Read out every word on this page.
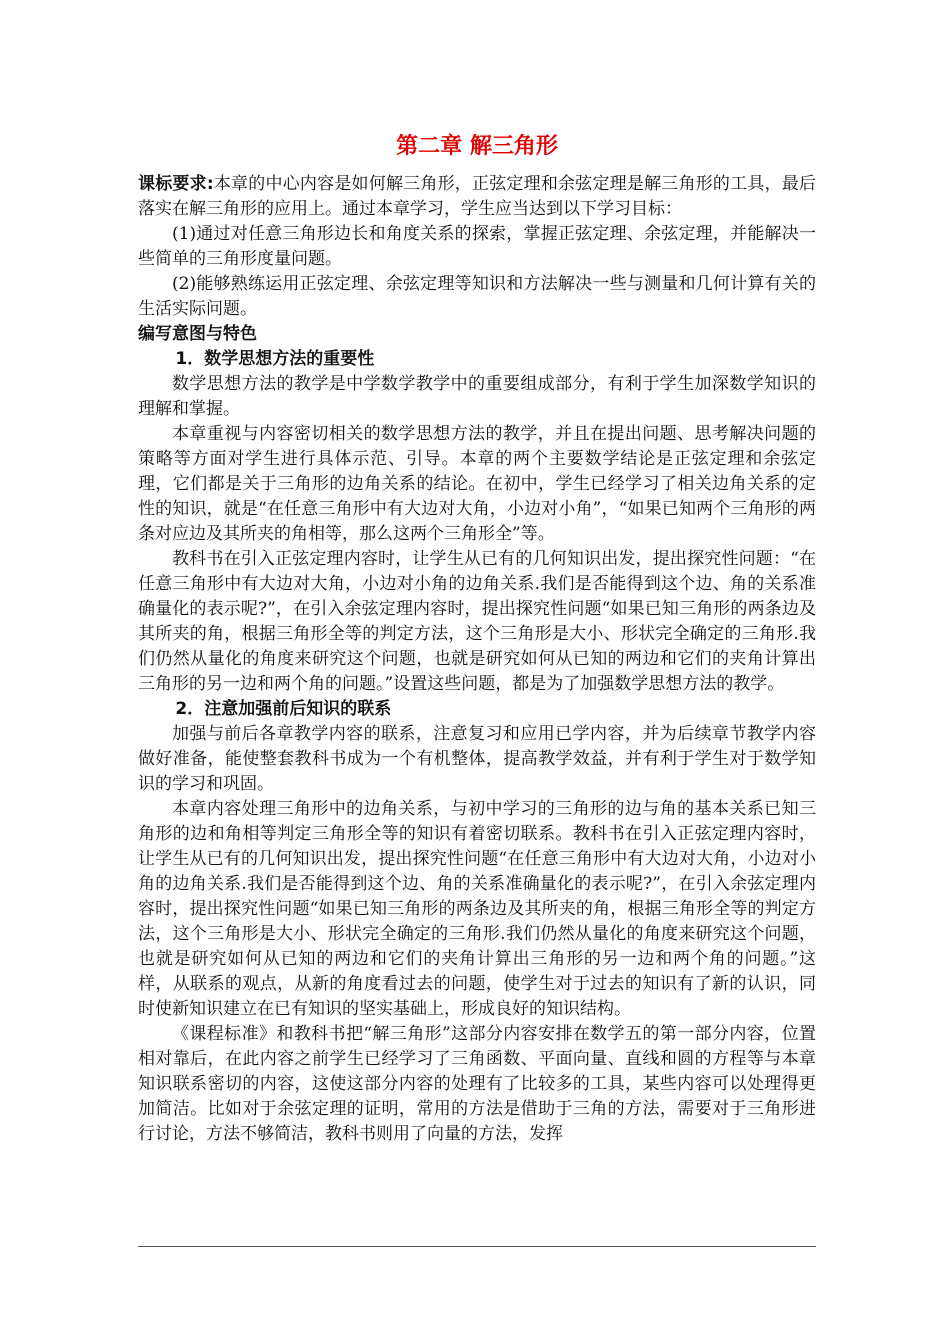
第二章 解三角形

课标要求:本章的中心内容是如何解三角形，正弦定理和余弦定理是解三角形的工具，最后落实在解三角形的应用上。通过本章学习，学生应当达到以下学习目标：

(1)通过对任意三角形边长和角度关系的探索，掌握正弦定理、余弦定理，并能解决一些简单的三角形度量问题。

(2)能够熟练运用正弦定理、余弦定理等知识和方法解决一些与测量和几何计算有关的生活实际问题。

编写意图与特色

1．数学思想方法的重要性

数学思想方法的教学是中学数学教学中的重要组成部分，有利于学生加深数学知识的理解和掌握。

本章重视与内容密切相关的数学思想方法的教学，并且在提出问题、思考解决问题的策略等方面对学生进行具体示范、引导。本章的两个主要数学结论是正弦定理和余弦定理，它们都是关于三角形的边角关系的结论。在初中，学生已经学习了相关边角关系的定性的知识，就是“在任意三角形中有大边对大角，小边对小角”，“如果已知两个三角形的两条对应边及其所夹的角相等，那么这两个三角形全”等。

教科书在引入正弦定理内容时，让学生从已有的几何知识出发，提出探究性问题：“在任意三角形中有大边对大角，小边对小角的边角关系.我们是否能得到这个边、角的关系准确量化的表示呢?”，在引入余弦定理内容时，提出探究性问题“如果已知三角形的两条边及其所夹的角，根据三角形全等的判定方法，这个三角形是大小、形状完全确定的三角形.我们仍然从量化的角度来研究这个问题，也就是研究如何从已知的两边和它们的夹角计算出三角形的另一边和两个角的问题。”设置这些问题，都是为了加强数学思想方法的教学。

2．注意加强前后知识的联系

加强与前后各章教学内容的联系，注意复习和应用已学内容，并为后续章节教学内容做好准备，能使整套教科书成为一个有机整体，提高教学效益，并有利于学生对于数学知识的学习和巩固。

本章内容处理三角形中的边角关系，与初中学习的三角形的边与角的基本关系已知三角形的边和角相等判定三角形全等的知识有着密切联系。教科书在引入正弦定理内容时，让学生从已有的几何知识出发，提出探究性问题“在任意三角形中有大边对大角，小边对小角的边角关系.我们是否能得到这个边、角的关系准确量化的表示呢?”，在引入余弦定理内容时，提出探究性问题“如果已知三角形的两条边及其所夹的角，根据三角形全等的判定方法，这个三角形是大小、形状完全确定的三角形.我们仍然从量化的角度来研究这个问题，也就是研究如何从已知的两边和它们的夹角计算出三角形的另一边和两个角的问题。”这样，从联系的观点，从新的角度看过去的问题，使学生对于过去的知识有了新的认识，同时使新知识建立在已有知识的坚实基础上，形成良好的知识结构。

《课程标准》和教科书把“解三角形”这部分内容安排在数学五的第一部分内容，位置相对靠后，在此内容之前学生已经学习了三角函数、平面向量、直线和圆的方程等与本章知识联系密切的内容，这使这部分内容的处理有了比较多的工具，某些内容可以处理得更加简洁。比如对于余弦定理的证明，常用的方法是借助于三角的方法，需要对于三角形进行讨论，方法不够简洁，教科书则用了向量的方法，发挥
